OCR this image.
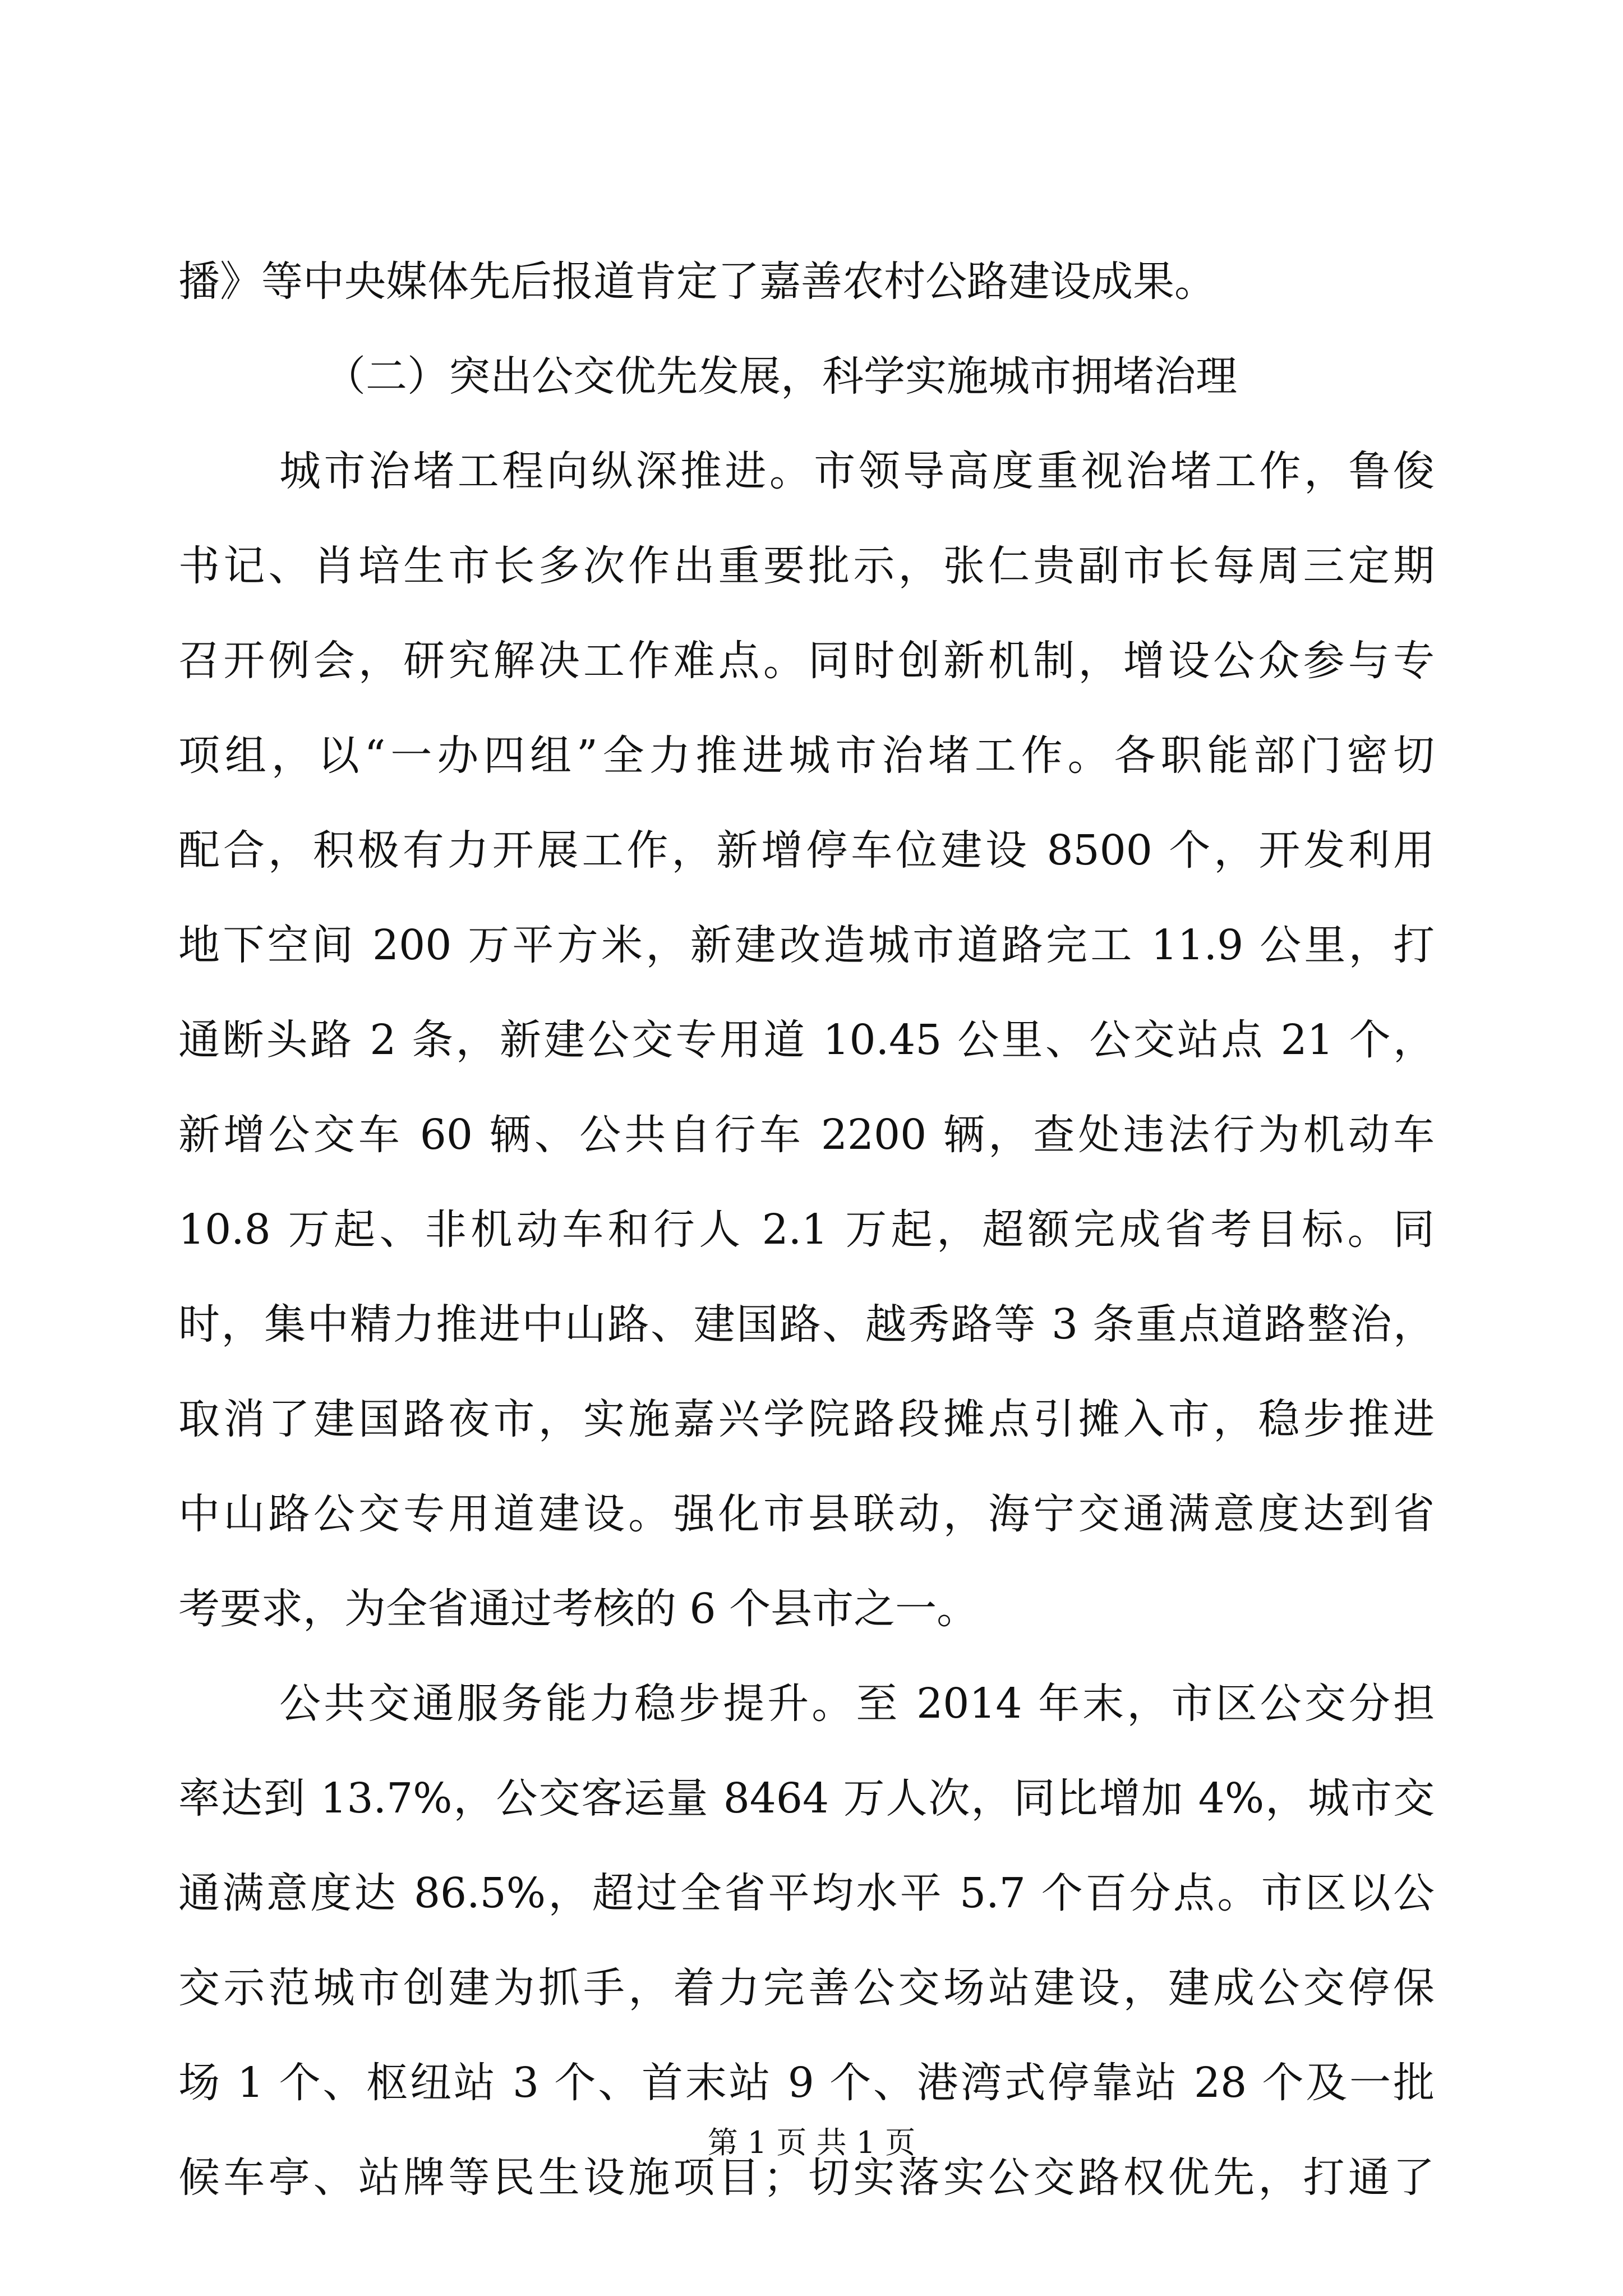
播》等中央媒体先后报道肯定了嘉善农村公路建设成果。
（二）突出公交优先发展，科学实施城市拥堵治理
城市治堵工程向纵深推进。市领导高度重视治堵工作，鲁俊
书记、肖培生市长多次作出重要批示，张仁贵副市长每周三定期
召开例会，研究解决工作难点。同时创新机制，增设公众参与专
项组，以“一办四组”全力推进城市治堵工作。各职能部门密切
配合，积极有力开展工作，新增停车位建设 8500 个，开发利用
地下空间 200 万平方米，新建改造城市道路完工 11.9 公里，打
通断头路 2 条，新建公交专用道 10.45 公里、公交站点 21 个，
新增公交车 60 辆、公共自行车 2200 辆，查处违法行为机动车
10.8 万起、非机动车和行人 2.1 万起，超额完成省考目标。同
时，集中精力推进中山路、建国路、越秀路等 3 条重点道路整治，
取消了建国路夜市，实施嘉兴学院路段摊点引摊入市，稳步推进
中山路公交专用道建设。强化市县联动，海宁交通满意度达到省
考要求，为全省通过考核的 6 个县市之一。
公共交通服务能力稳步提升。至 2014 年末，市区公交分担
率达到 13.7%，公交客运量 8464 万人次，同比增加 4%，城市交
通满意度达 86.5%，超过全省平均水平 5.7 个百分点。市区以公
交示范城市创建为抓手，着力完善公交场站建设，建成公交停保
场 1 个、枢纽站 3 个、首末站 9 个、港湾式停靠站 28 个及一批
候车亭、站牌等民生设施项目；切实落实公交路权优先，打通了
第 1 页 共 1 页
